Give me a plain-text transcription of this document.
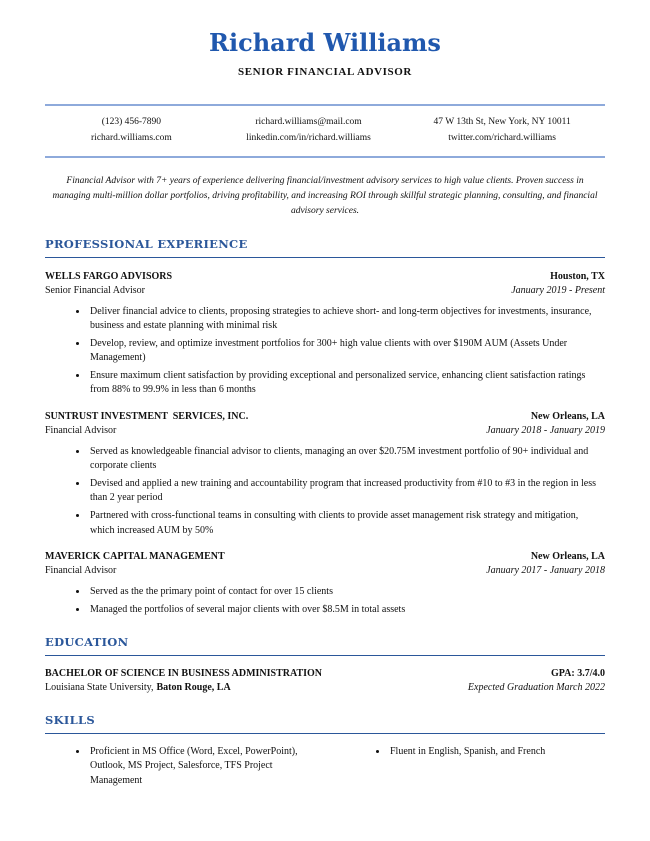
Richard Williams
SENIOR FINANCIAL ADVISOR
(123) 456-7890	richard.williams@mail.com	47 W 13th St, New York, NY 10011
richard.williams.com	linkedin.com/in/richard.williams	twitter.com/richard.williams

Financial Advisor with 7+ years of experience delivering financial/investment advisory services to high value clients. Proven success in managing multi-million dollar portfolios, driving profitability, and increasing ROI through skillful strategic planning, consulting, and financial advisory services.

PROFESSIONAL EXPERIENCE
WELLS FARGO ADVISORS	Houston, TX
Senior Financial Advisor	January 2019 - Present
• Deliver financial advice to clients, proposing strategies to achieve short- and long-term objectives for investments, insurance, business and estate planning with minimal risk
• Develop, review, and optimize investment portfolios for 300+ high value clients with over $190M AUM (Assets Under Management)
• Ensure maximum client satisfaction by providing exceptional and personalized service, enhancing client satisfaction ratings from 88% to 99.9% in less than 6 months
SUNTRUST INVESTMENT  SERVICES, INC.	New Orleans, LA
Financial Advisor	January 2018 - January 2019
• Served as knowledgeable financial advisor to clients, managing an over $20.75M investment portfolio of 90+ individual and corporate clients
• Devised and applied a new training and accountability program that increased productivity from #10 to #3 in the region in less than 2 year period
• Partnered with cross-functional teams in consulting with clients to provide asset management risk strategy and mitigation, which increased AUM by 50%
MAVERICK CAPITAL MANAGEMENT	New Orleans, LA
Financial Advisor	January 2017 - January 2018
• Served as the the primary point of contact for over 15 clients
• Managed the portfolios of several major clients with over $8.5M in total assets
EDUCATION
BACHELOR OF SCIENCE IN BUSINESS ADMINISTRATION	GPA: 3.7/4.0
Louisiana State University, Baton Rouge, LA	Expected Graduation March 2022
SKILLS
• Proficient in MS Office (Word, Excel, PowerPoint), Outlook, MS Project, Salesforce, TFS Project Management
• Fluent in English, Spanish, and French
